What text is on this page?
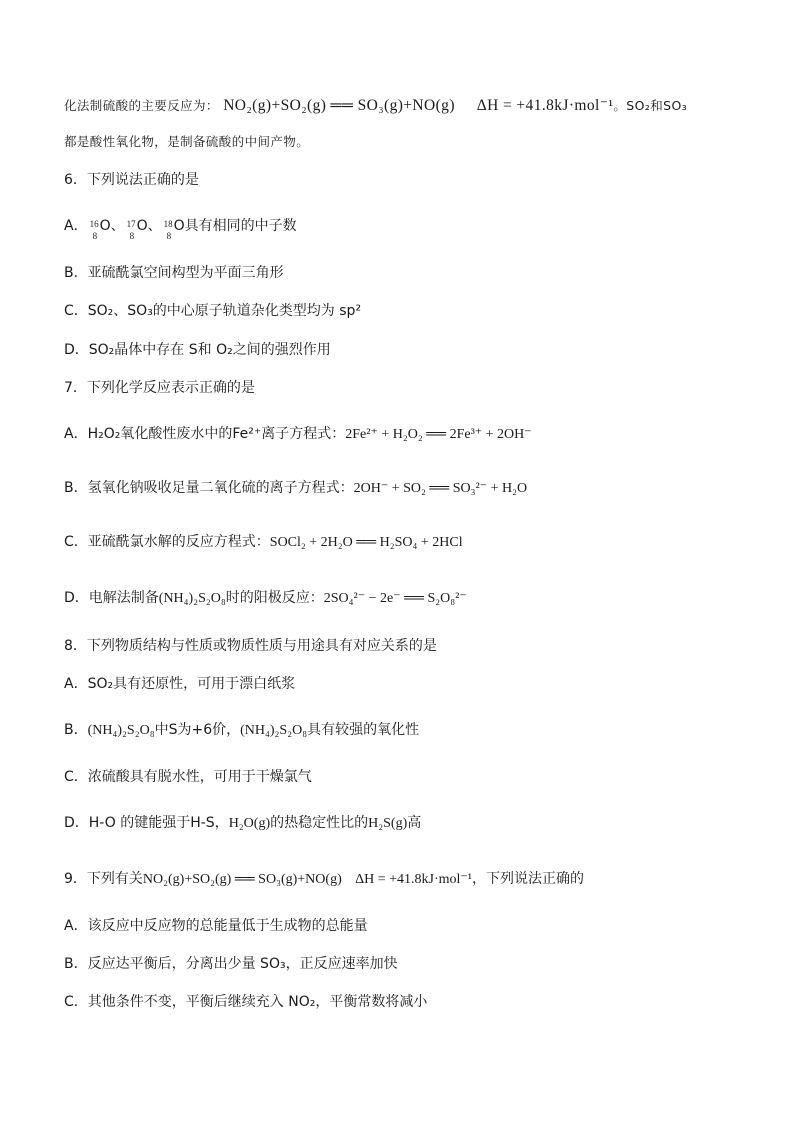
化法制硫酸的主要反应为： NO₂(g)+SO₂(g) ══ SO₃(g)+NO(g) ΔH = +41.8kJ·mol⁻¹。SO₂和SO₃
都是酸性氧化物，是制备硫酸的中间产物。
6．下列说法正确的是
A． 16
8
O、 17
8
O、 18
8
O具有相同的中子数
B．亚硫酰氯空间构型为平面三角形
C．SO₂、SO₃的中心原子轨道杂化类型均为 sp²
D．SO₂晶体中存在 S和 O₂之间的强烈作用
7．下列化学反应表示正确的是
A．H₂O₂氧化酸性废水中的Fe²⁺离子方程式：2Fe²⁺ + H₂O₂ ══ 2Fe³⁺ + 2OH⁻
B．氢氧化钠吸收足量二氧化硫的离子方程式：2OH⁻ + SO₂ ══ SO₃²⁻ + H₂O
C．亚硫酰氯水解的反应方程式：SOCl₂ + 2H₂O ══ H₂SO₄ + 2HCl
D．电解法制备(NH₄)₂S₂O₈时的阳极反应：2SO₄²⁻ − 2e⁻ ══ S₂O₈²⁻
8．下列物质结构与性质或物质性质与用途具有对应关系的是
A．SO₂具有还原性，可用于漂白纸浆
B．(NH₄)₂S₂O₈中S为+6价，(NH₄)₂S₂O₈具有较强的氧化性
C．浓硫酸具有脱水性，可用于干燥氯气
D．H-O 的键能强于H-S，H₂O(g)的热稳定性比的H₂S(g)高
9．下列有关NO₂(g)+SO₂(g) ══ SO₃(g)+NO(g) ΔH = +41.8kJ·mol⁻¹，下列说法正确的
A．该反应中反应物的总能量低于生成物的总能量
B．反应达平衡后，分离出少量 SO₃，正反应速率加快
C．其他条件不变，平衡后继续充入 NO₂，平衡常数将减小
